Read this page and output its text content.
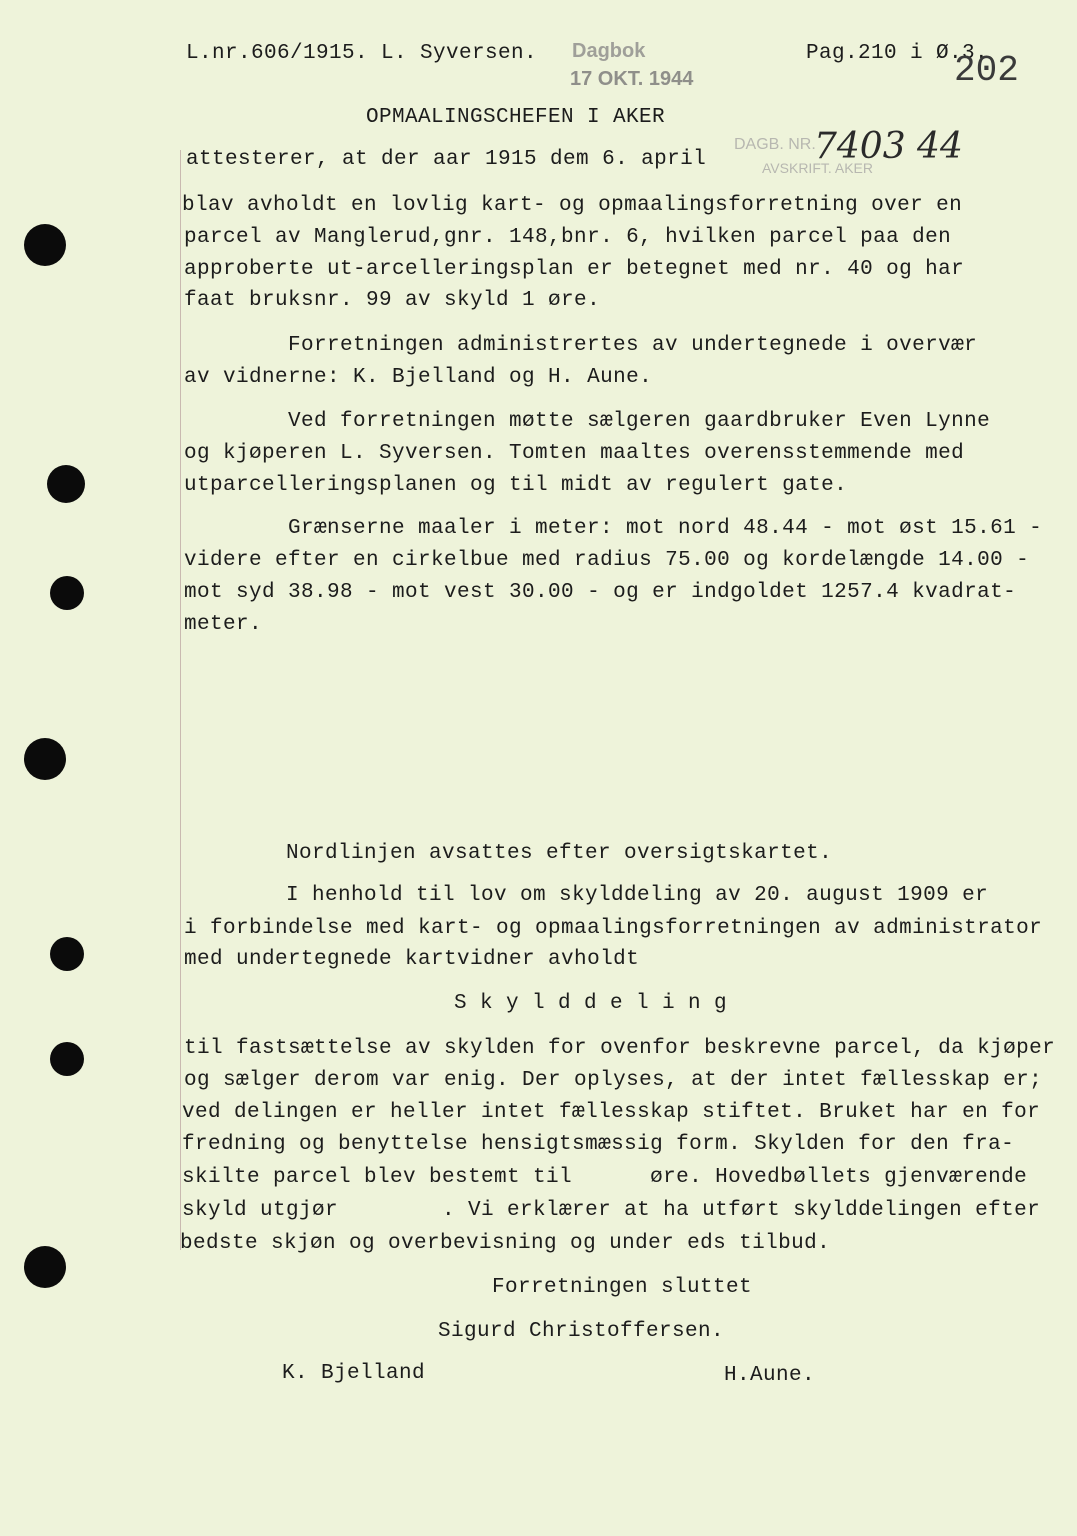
L.nr.606/1915. L. Syversen. Dagbok
17 OKT. 1944
Pag.210 i Ø.3.
202
OPMAALINGSCHEFEN I AKER
DAGB. NR.
AVSKRIFT. AKER
7403 44
attesterer, at der aar 1915 dem 6. april
blav avholdt en lovlig kart- og opmaalingsforretning over en
parcel av Manglerud,gnr. 148,bnr. 6, hvilken parcel paa den
approberte ut-arcelleringsplan er betegnet med nr. 40 og har
faat bruksnr. 99 av skyld 1 øre.
Forretningen administrertes av undertegnede i overvær
av vidnerne: K. Bjelland og H. Aune.
Ved forretningen møtte sælgeren gaardbruker Even Lynne
og kjøperen L. Syversen. Tomten maaltes overensstemmende med
utparcelleringsplanen og til midt av regulert gate.
Grænserne maaler i meter: mot nord 48.44 - mot øst 15.61 -
videre efter en cirkelbue med radius 75.00 og kordelængde 14.00 -
mot syd 38.98 - mot vest 30.00 - og er indgoldet 1257.4 kvadrat-
meter.
Nordlinjen avsattes efter oversigtskartet.
I henhold til lov om skylddeling av 20. august 1909 er
i forbindelse med kart- og opmaalingsforretningen av administrator
med undertegnede kartvidner avholdt
S k y l d d e l i n g
til fastsættelse av skylden for ovenfor beskrevne parcel, da kjøper
og sælger derom var enig. Der oplyses, at der intet fællesskap er;
ved delingen er heller intet fællesskap stiftet. Bruket har en for
fredning og benyttelse hensigtsmæssig form. Skylden for den fra-
skilte parcel blev bestemt til      øre. Hovedbøllets gjenværende
skyld utgjør        . Vi erklærer at ha utført skylddelingen efter
bedste skjøn og overbevisning og under eds tilbud.
Forretningen sluttet
Sigurd Christoffersen.
K. Bjelland	H.Aune.
